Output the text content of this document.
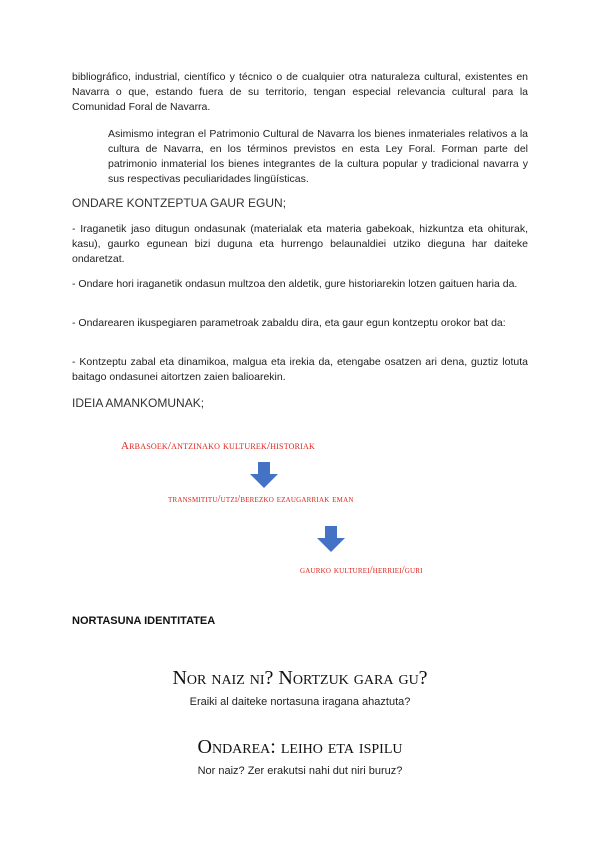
bibliográfico, industrial, científico y técnico o de cualquier otra naturaleza cultural, existentes en Navarra o que, estando fuera de su territorio, tengan especial relevancia cultural para la Comunidad Foral de Navarra.

Asimismo integran el Patrimonio Cultural de Navarra los bienes inmateriales relativos a la cultura de Navarra, en los términos previstos en esta Ley Foral. Forman parte del patrimonio inmaterial los bienes integrantes de la cultura popular y tradicional navarra y sus respectivas peculiaridades lingüísticas.

ONDARE KONTZEPTUA GAUR EGUN;

- Iraganetik jaso ditugun ondasunak (materialak eta materia gabekoak, hizkuntza eta ohiturak, kasu), gaurko egunean bizi duguna eta hurrengo belaunaldiei utziko dieguna har daiteke ondaretzat.

- Ondare hori iraganetik ondasun multzoa den aldetik, gure historiarekin lotzen gaituen haria da.

- Ondarearen ikuspegiaren parametroak zabaldu dira, eta gaur egun kontzeptu orokor bat da:

- Kontzeptu zabal eta dinamikoa, malgua eta irekia da, etengabe osatzen ari dena, guztiz lotuta baitago ondasunei aitortzen zaien balioarekin.

IDEIA AMANKOMUNAK;

Arbasoek/antzinako kulturek/historiak
transmititu/utzi/berezko ezaugarriak eman
gaurko kulturei/herriei/guri

NORTASUNA IDENTITATEA

Nor naiz ni? Nortzuk gara gu?

Eraiki al daiteke nortasuna iragana ahaztuta?

Ondarea: leiho eta ispilu

Nor naiz? Zer erakutsi nahi dut niri buruz?
